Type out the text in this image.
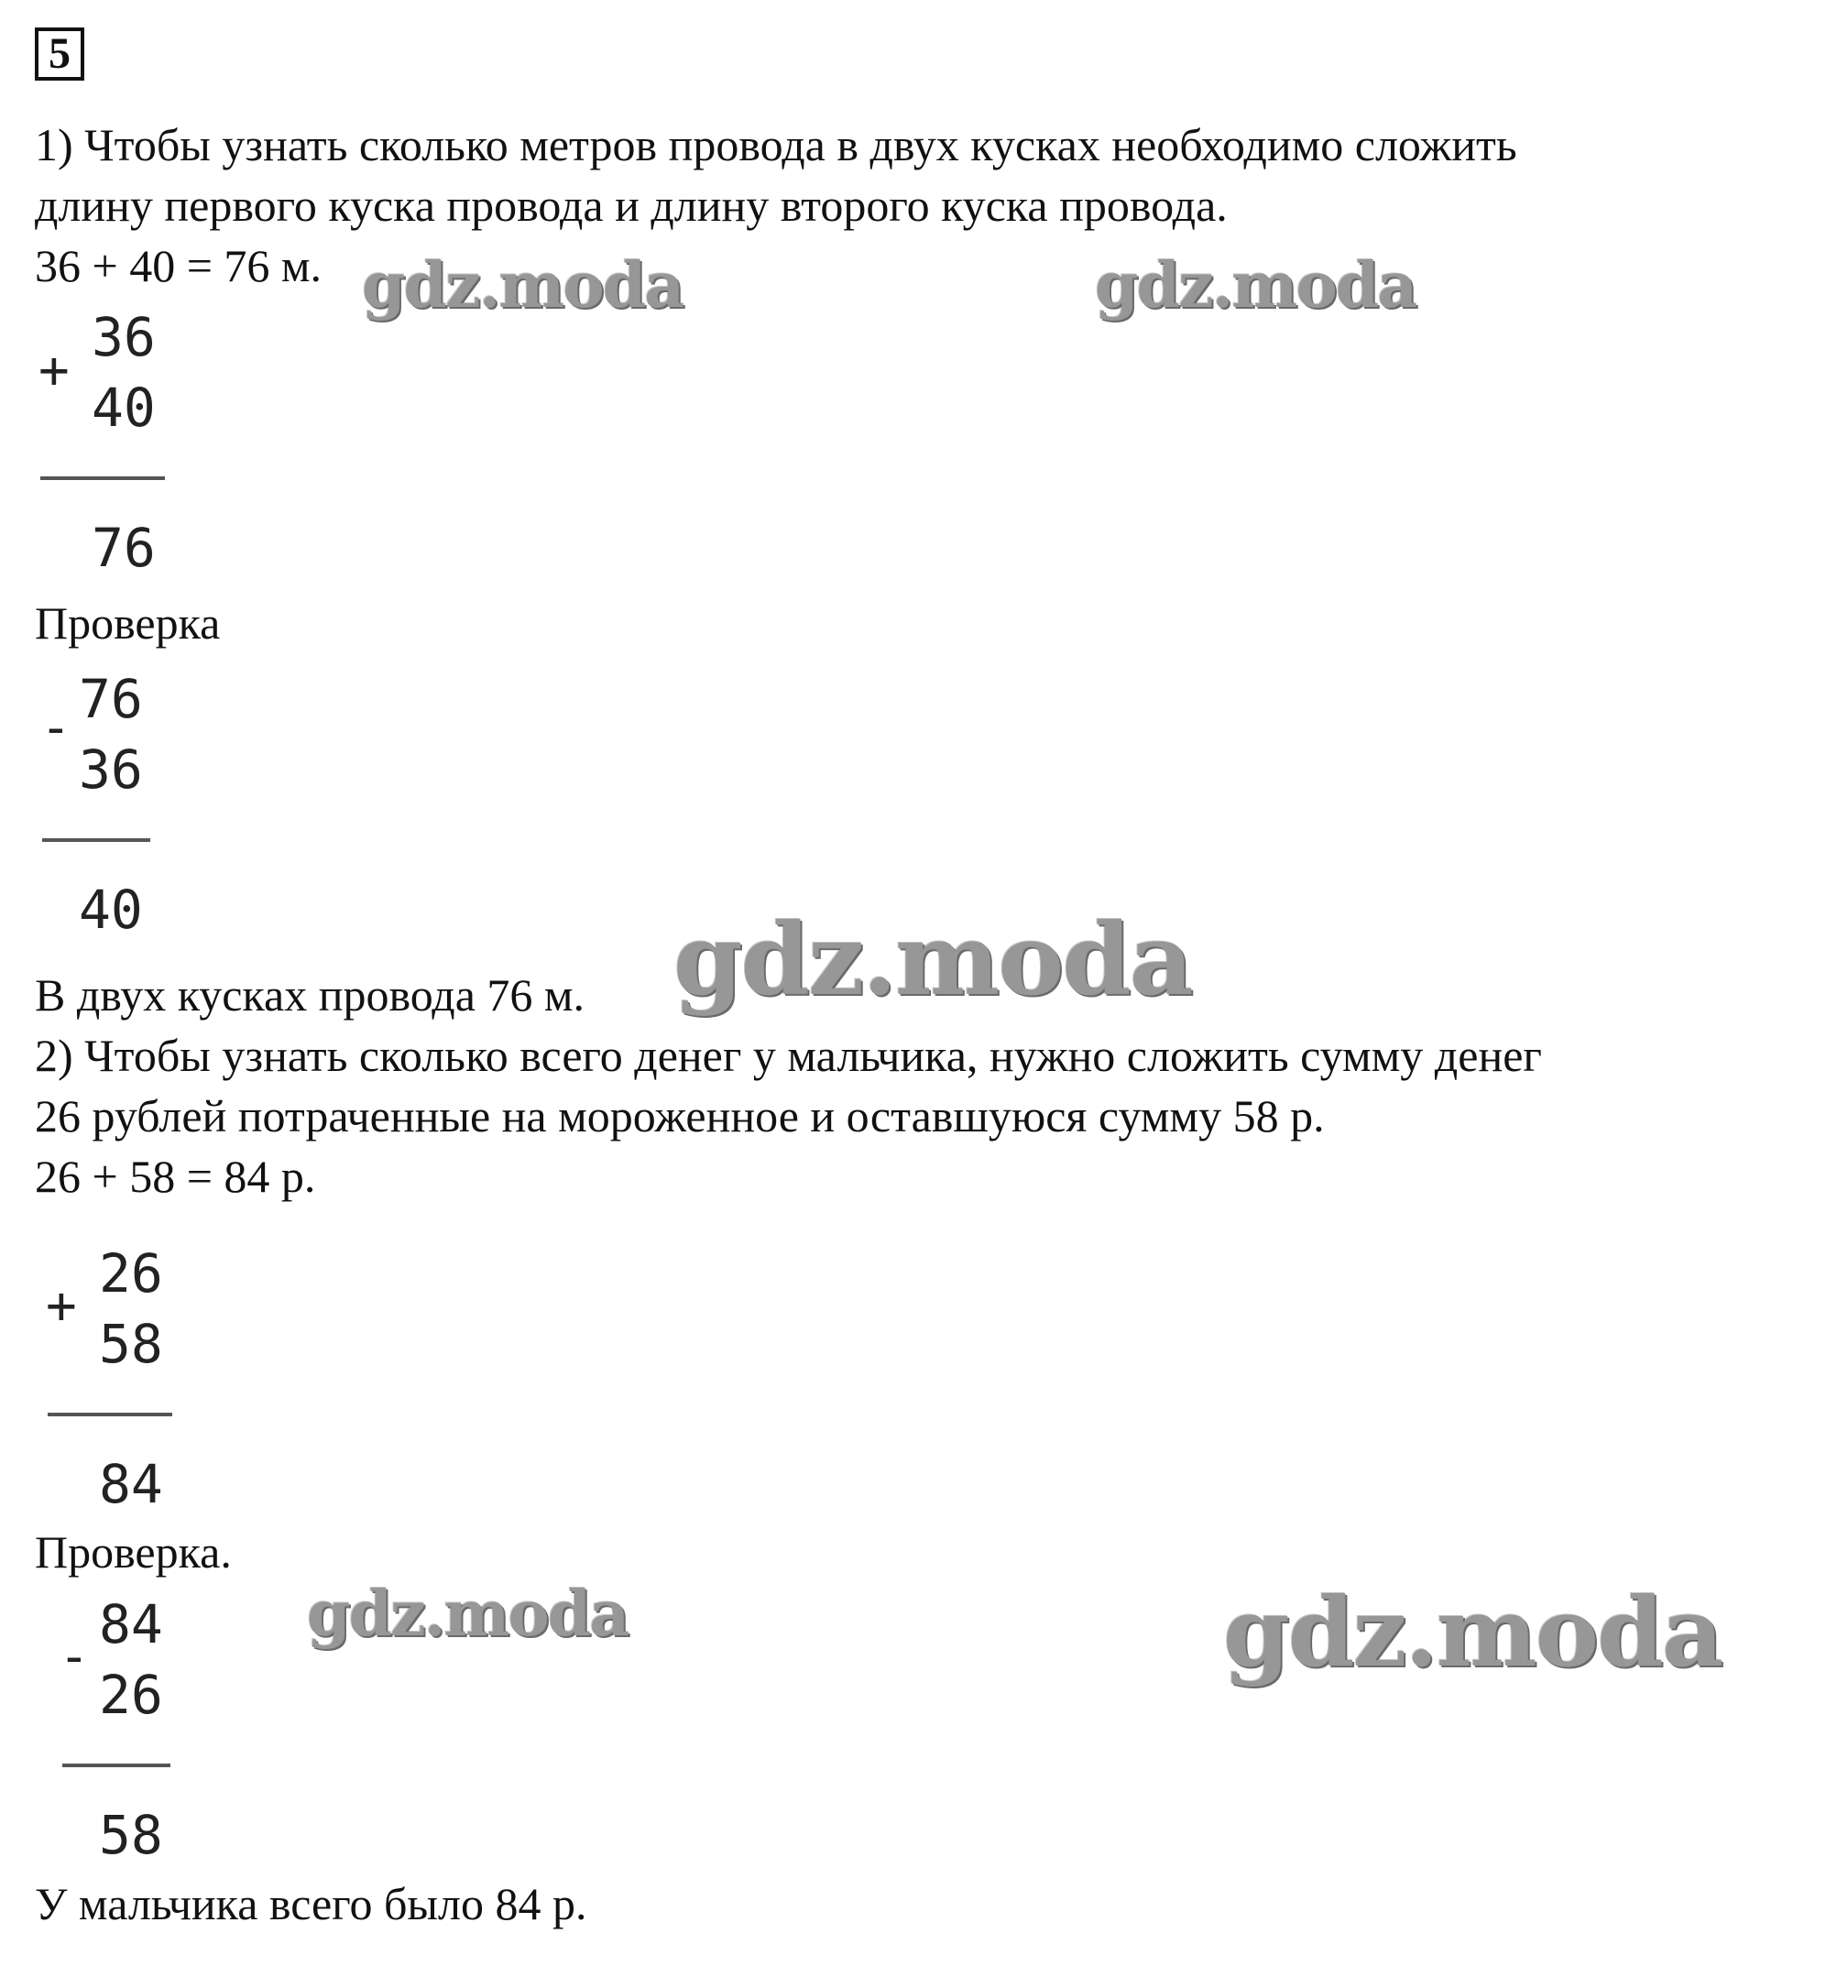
5
1) Чтобы узнать сколько метров провода в двух кусках необходимо сложить
длину первого куска провода и длину второго куска провода.
36 + 40 = 76 м.
+
36
40
76
Проверка
- 76
36
40
В двух кусках провода 76 м.
2) Чтобы узнать сколько всего денег у мальчика, нужно сложить сумму денег
26 рублей потраченные на мороженное и оставшуюся сумму 58 р.
26 + 58 = 84 р.
+
26
58
84
Проверка.
-
84
26
58
У мальчика всего было 84 р.
gdz.moda	gdz.moda
gdz.moda
gdz.moda	gdz.moda
